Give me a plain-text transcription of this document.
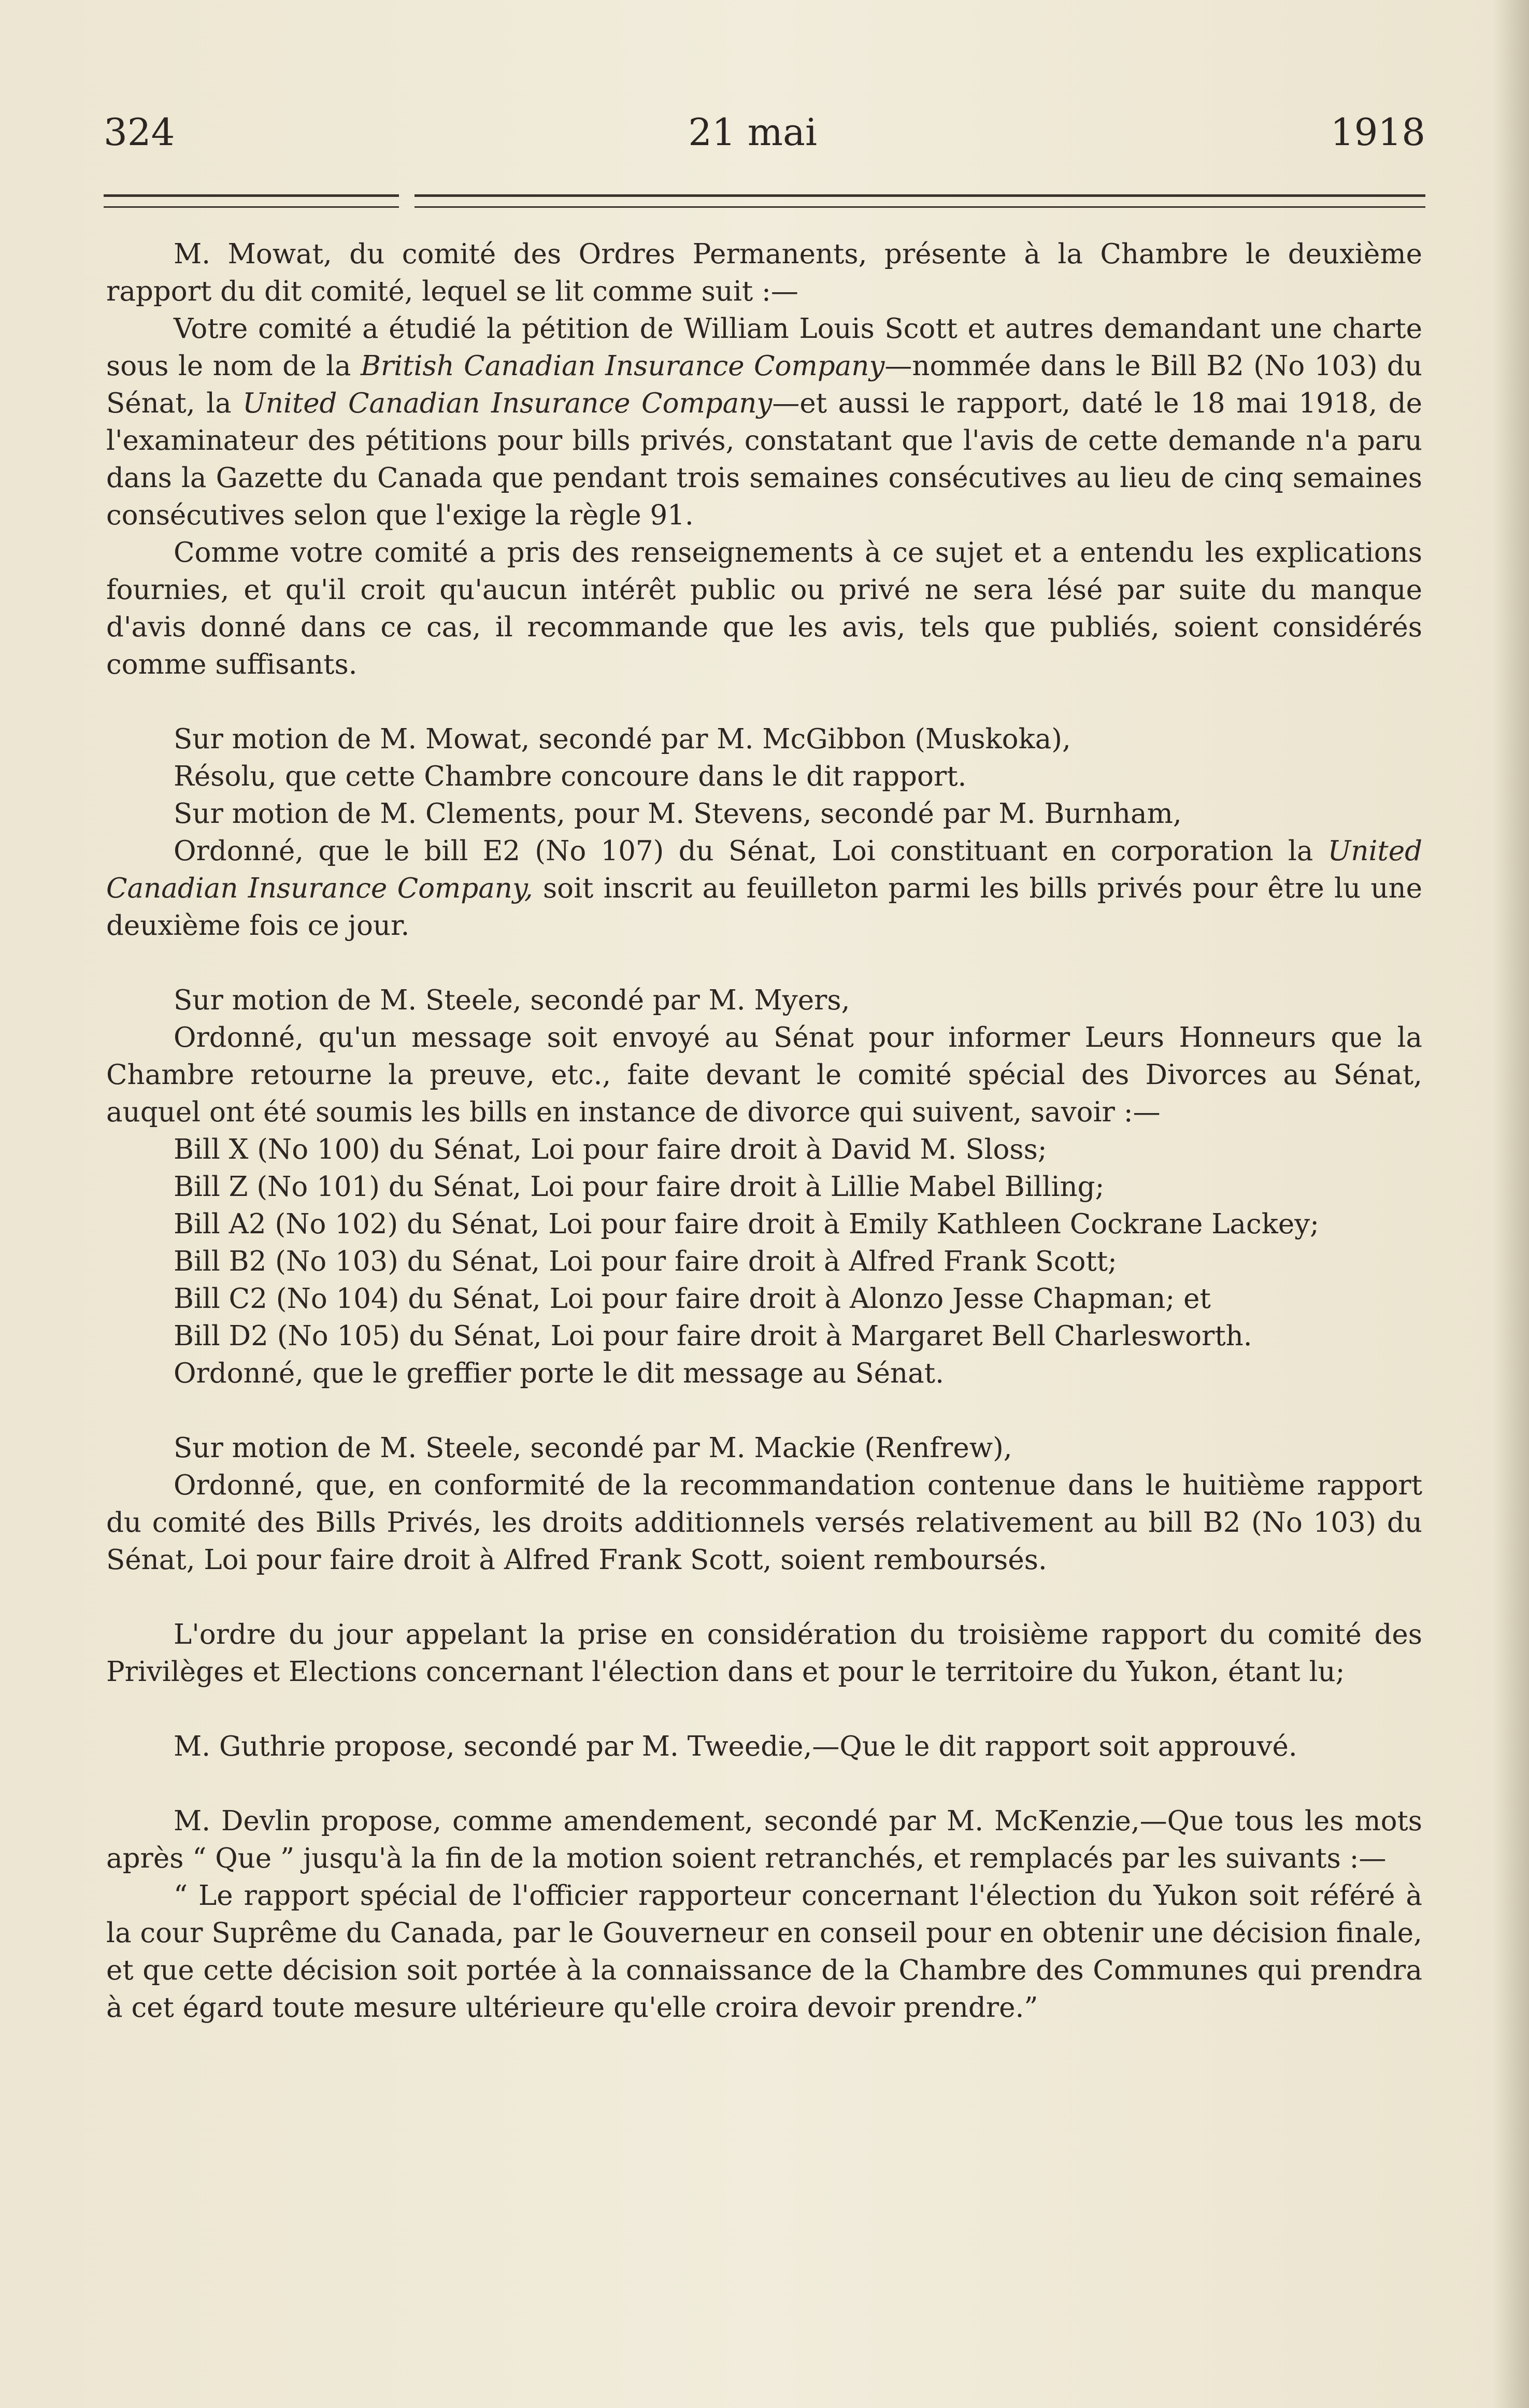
324	21 mai	1918

M. Mowat, du comité des Ordres Permanents, présente à la Chambre le deuxième rapport du dit comité, lequel se lit comme suit :—

Votre comité a étudié la pétition de William Louis Scott et autres demandant une charte sous le nom de la British Canadian Insurance Company—nommée dans le Bill B2 (No 103) du Sénat, la United Canadian Insurance Company—et aussi le rapport, daté le 18 mai 1918, de l'examinateur des pétitions pour bills privés, constatant que l'avis de cette demande n'a paru dans la Gazette du Canada que pendant trois semaines consécutives au lieu de cinq semaines consécutives selon que l'exige la règle 91.

Comme votre comité a pris des renseignements à ce sujet et a entendu les explications fournies, et qu'il croit qu'aucun intérêt public ou privé ne sera lésé par suite du manque d'avis donné dans ce cas, il recommande que les avis, tels que publiés, soient considérés comme suffisants.

Sur motion de M. Mowat, secondé par M. McGibbon (Muskoka),

Résolu, que cette Chambre concoure dans le dit rapport.

Sur motion de M. Clements, pour M. Stevens, secondé par M. Burnham,

Ordonné, que le bill E2 (No 107) du Sénat, Loi constituant en corporation la United Canadian Insurance Company, soit inscrit au feuilleton parmi les bills privés pour être lu une deuxième fois ce jour.

Sur motion de M. Steele, secondé par M. Myers,

Ordonné, qu'un message soit envoyé au Sénat pour informer Leurs Honneurs que la Chambre retourne la preuve, etc., faite devant le comité spécial des Divorces au Sénat, auquel ont été soumis les bills en instance de divorce qui suivent, savoir :—

Bill X (No 100) du Sénat, Loi pour faire droit à David M. Sloss;

Bill Z (No 101) du Sénat, Loi pour faire droit à Lillie Mabel Billing;

Bill A2 (No 102) du Sénat, Loi pour faire droit à Emily Kathleen Cockrane Lackey;

Bill B2 (No 103) du Sénat, Loi pour faire droit à Alfred Frank Scott;

Bill C2 (No 104) du Sénat, Loi pour faire droit à Alonzo Jesse Chapman; et

Bill D2 (No 105) du Sénat, Loi pour faire droit à Margaret Bell Charlesworth.

Ordonné, que le greffier porte le dit message au Sénat.

Sur motion de M. Steele, secondé par M. Mackie (Renfrew),

Ordonné, que, en conformité de la recommandation contenue dans le huitième rapport du comité des Bills Privés, les droits additionnels versés relativement au bill B2 (No 103) du Sénat, Loi pour faire droit à Alfred Frank Scott, soient remboursés.

L'ordre du jour appelant la prise en considération du troisième rapport du comité des Privilèges et Elections concernant l'élection dans et pour le territoire du Yukon, étant lu;

M. Guthrie propose, secondé par M. Tweedie,—Que le dit rapport soit approuvé.

M. Devlin propose, comme amendement, secondé par M. McKenzie,—Que tous les mots après “ Que ” jusqu'à la fin de la motion soient retranchés, et remplacés par les suivants :—

“ Le rapport spécial de l'officier rapporteur concernant l'élection du Yukon soit référé à la cour Suprême du Canada, par le Gouverneur en conseil pour en obtenir une décision finale, et que cette décision soit portée à la connaissance de la Chambre des Communes qui prendra à cet égard toute mesure ultérieure qu'elle croira devoir prendre.”
